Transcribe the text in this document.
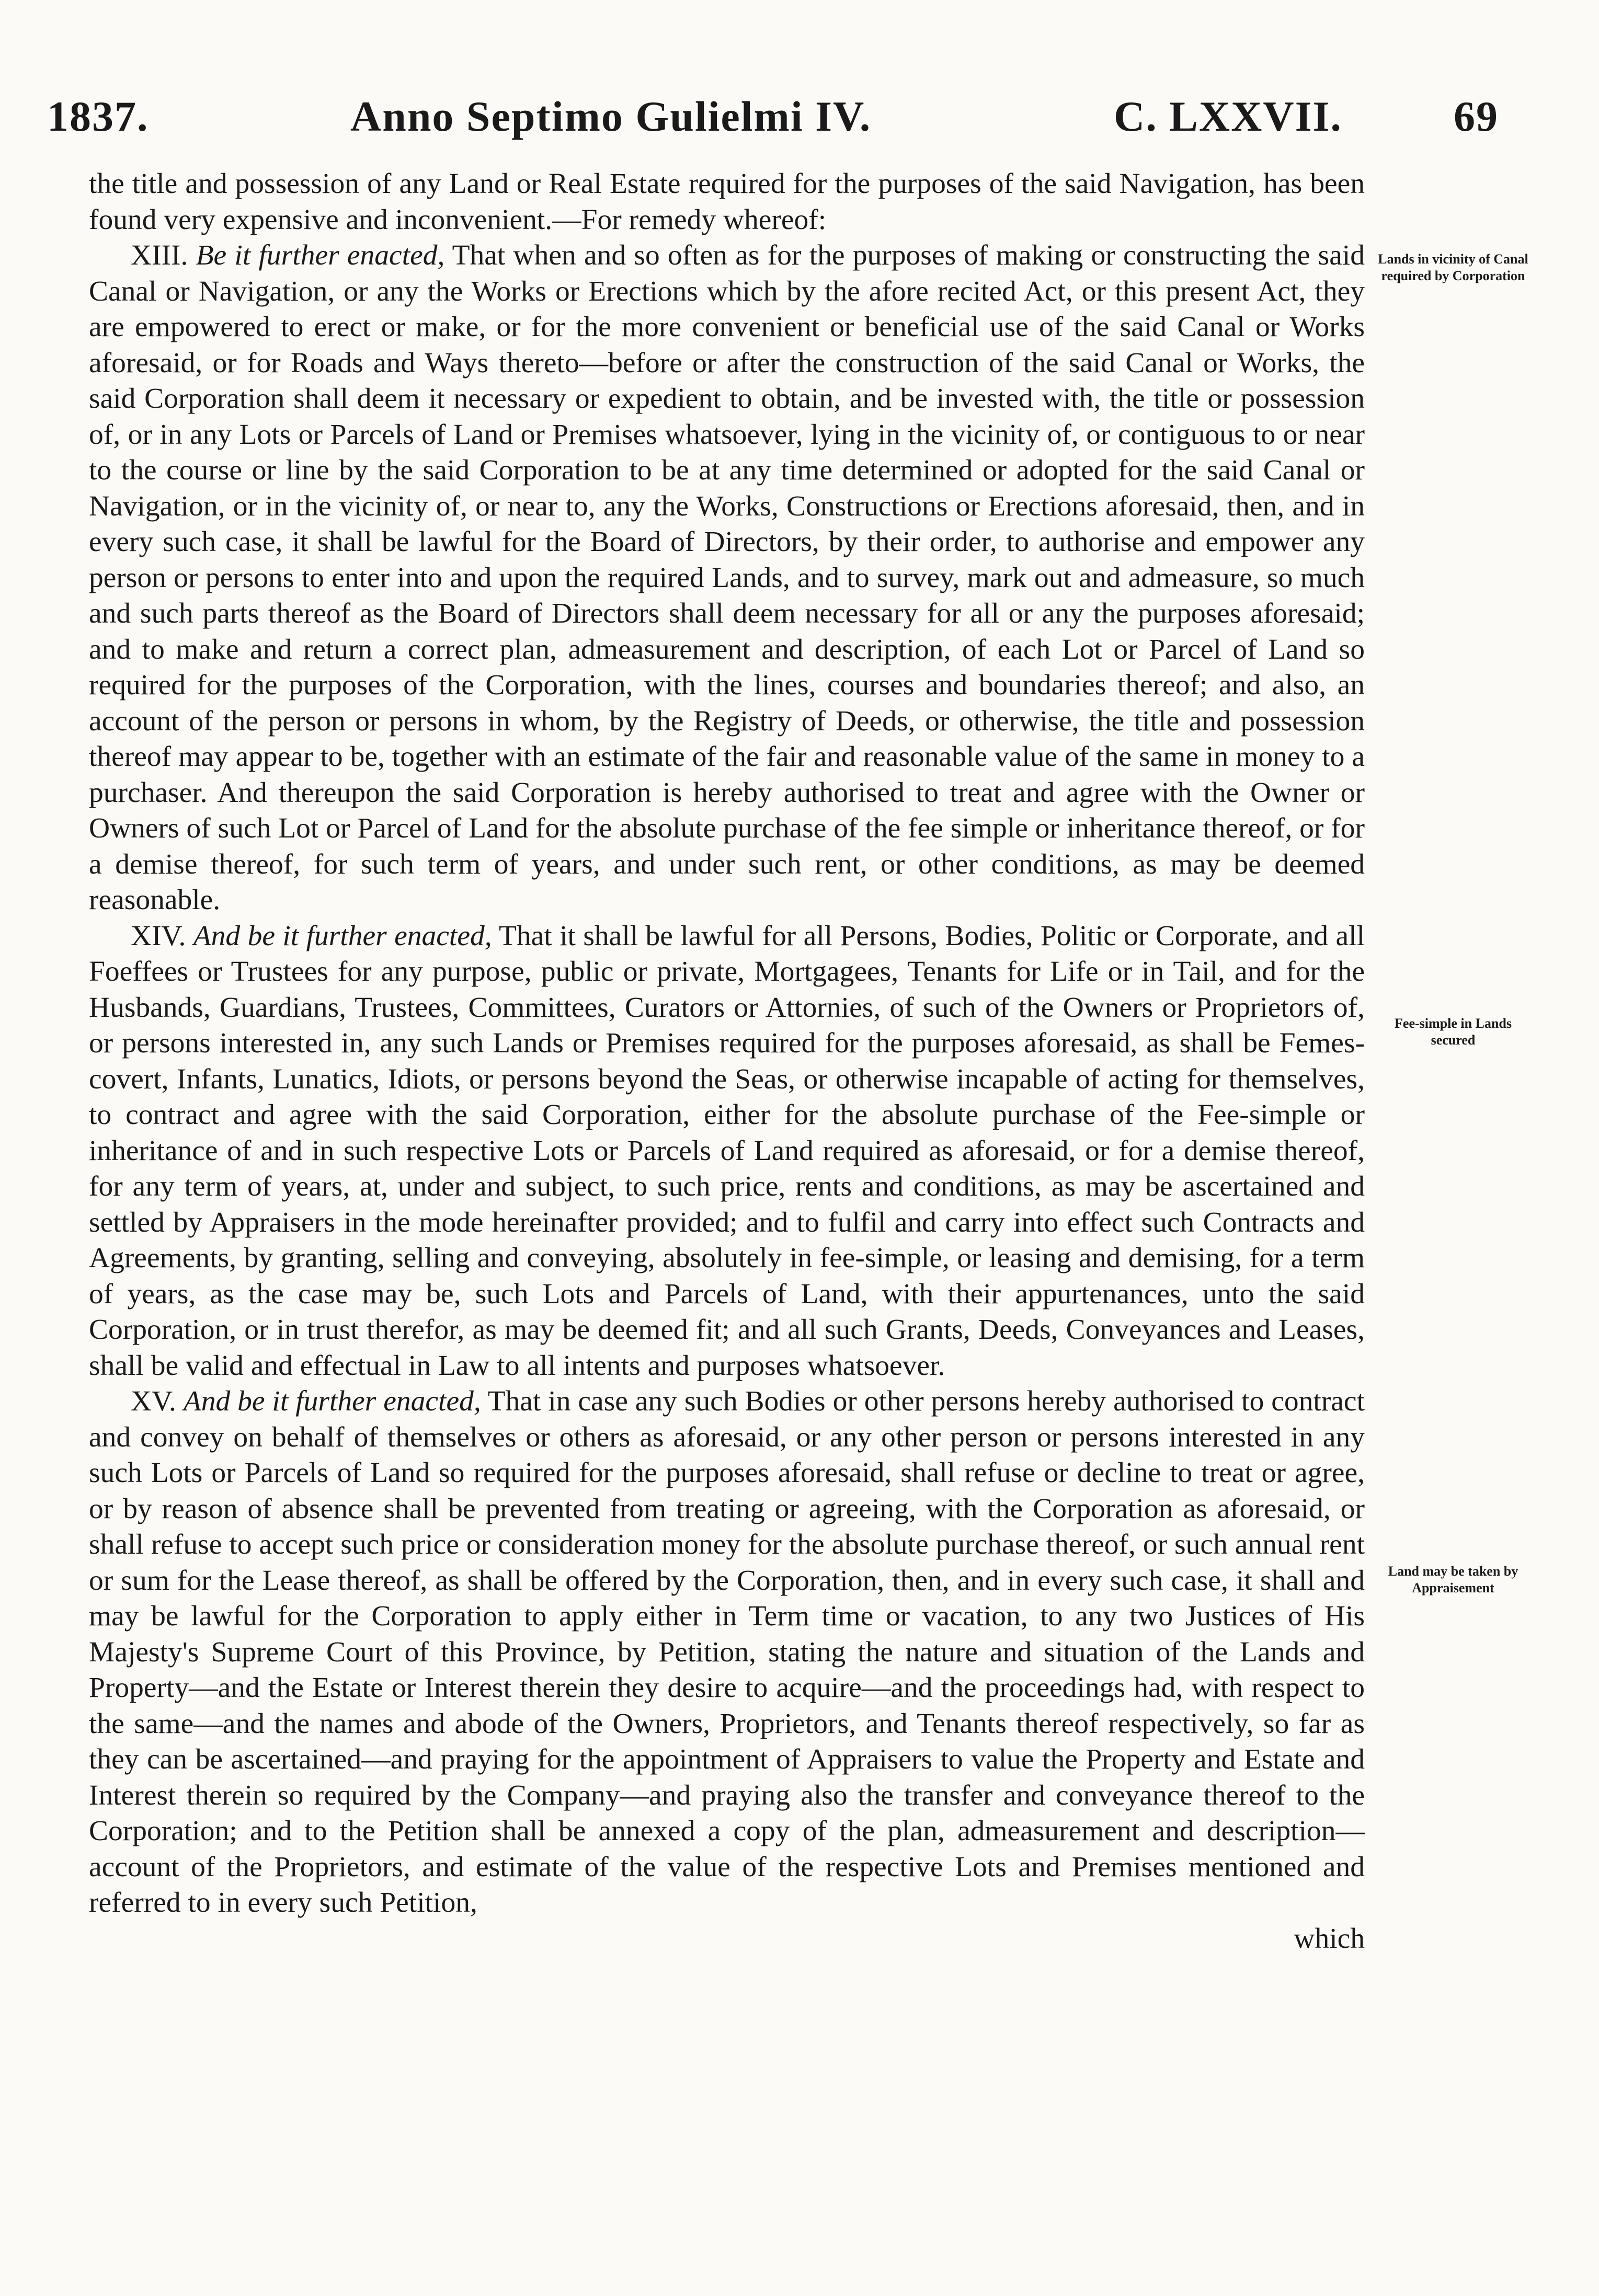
1837.	Anno Septimo Gulielmi IV.	C. LXXVII.	69

the title and possession of any Land or Real Estate required for the purposes of the said Navigation, has been found very expensive and inconvenient.—For remedy whereof:

XIII. Be it further enacted, That when and so often as for the purposes of making or constructing the said Canal or Navigation, or any the Works or Erections which by the afore recited Act, or this present Act, they are empowered to erect or make, or for the more convenient or beneficial use of the said Canal or Works aforesaid, or for Roads and Ways thereto—before or after the construction of the said Canal or Works, the said Corporation shall deem it necessary or expedient to obtain, and be invested with, the title or possession of, or in any Lots or Parcels of Land or Premises whatsoever, lying in the vicinity of, or contiguous to or near to the course or line by the said Corporation to be at any time determined or adopted for the said Canal or Navigation, or in the vicinity of, or near to, any the Works, Constructions or Erections aforesaid, then, and in every such case, it shall be lawful for the Board of Directors, by their order, to authorise and empower any person or persons to enter into and upon the required Lands, and to survey, mark out and admeasure, so much and such parts thereof as the Board of Directors shall deem necessary for all or any the purposes aforesaid; and to make and return a correct plan, admeasurement and description, of each Lot or Parcel of Land so required for the purposes of the Corporation, with the lines, courses and boundaries thereof; and also, an account of the person or persons in whom, by the Registry of Deeds, or otherwise, the title and possession thereof may appear to be, together with an estimate of the fair and reasonable value of the same in money to a purchaser. And thereupon the said Corporation is hereby authorised to treat and agree with the Owner or Owners of such Lot or Parcel of Land for the absolute purchase of the fee simple or inheritance thereof, or for a demise thereof, for such term of years, and under such rent, or other conditions, as may be deemed reasonable.

XIV. And be it further enacted, That it shall be lawful for all Persons, Bodies, Politic or Corporate, and all Foeffees or Trustees for any purpose, public or private, Mortgagees, Tenants for Life or in Tail, and for the Husbands, Guardians, Trustees, Committees, Curators or Attornies, of such of the Owners or Proprietors of, or persons interested in, any such Lands or Premises required for the purposes aforesaid, as shall be Femes-covert, Infants, Lunatics, Idiots, or persons beyond the Seas, or otherwise incapable of acting for themselves, to contract and agree with the said Corporation, either for the absolute purchase of the Fee-simple or inheritance of and in such respective Lots or Parcels of Land required as aforesaid, or for a demise thereof, for any term of years, at, under and subject, to such price, rents and conditions, as may be ascertained and settled by Appraisers in the mode hereinafter provided; and to fulfil and carry into effect such Contracts and Agreements, by granting, selling and conveying, absolutely in fee-simple, or leasing and demising, for a term of years, as the case may be, such Lots and Parcels of Land, with their appurtenances, unto the said Corporation, or in trust therefor, as may be deemed fit; and all such Grants, Deeds, Conveyances and Leases, shall be valid and effectual in Law to all intents and purposes whatsoever.

XV. And be it further enacted, That in case any such Bodies or other persons hereby authorised to contract and convey on behalf of themselves or others as aforesaid, or any other person or persons interested in any such Lots or Parcels of Land so required for the purposes aforesaid, shall refuse or decline to treat or agree, or by reason of absence shall be prevented from treating or agreeing, with the Corporation as aforesaid, or shall refuse to accept such price or consideration money for the absolute purchase thereof, or such annual rent or sum for the Lease thereof, as shall be offered by the Corporation, then, and in every such case, it shall and may be lawful for the Corporation to apply either in Term time or vacation, to any two Justices of His Majesty's Supreme Court of this Province, by Petition, stating the nature and situation of the Lands and Property—and the Estate or Interest therein they desire to acquire—and the proceedings had, with respect to the same—and the names and abode of the Owners, Proprietors, and Tenants thereof respectively, so far as they can be ascertained—and praying for the appointment of Appraisers to value the Property and Estate and Interest therein so required by the Company—and praying also the transfer and conveyance thereof to the Corporation; and to the Petition shall be annexed a copy of the plan, admeasurement and description—account of the Proprietors, and estimate of the value of the respective Lots and Premises mentioned and referred to in every such Petition,

which

Lands in vicinity of Canal required by Corporation
Fee-simple in Lands secured
Land may be taken by Appraisement
